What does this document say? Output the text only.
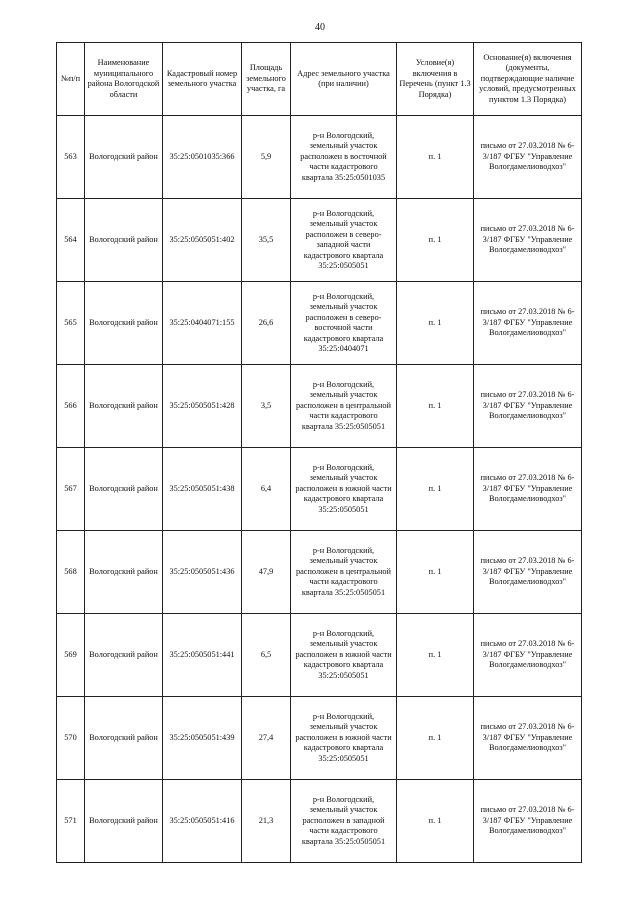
40
№п/п	Наименование муниципального района Вологодской области	Кадастровый номер земельного участка	Площадь земельного участка, га	Адрес земельного участка (при наличии)	Условие(я) включения в Перечень (пункт 1.3 Порядка)	Основание(я) включения (документы, подтверждающие наличие условий, предусмотренных пунктом 1.3 Порядка)
563	Вологодский район	35:25:0501035:366	5,9	р-н Вологодский, земельный участок расположен в восточной части кадастрового квартала 35:25:0501035	п. 1	письмо от 27.03.2018 № 6-3/187 ФГБУ "Управление Вологдамелиоводхоз"
564	Вологодский район	35:25:0505051:402	35,5	р-н Вологодский, земельный участок расположен в северо-западной части кадастрового квартала 35:25:0505051	п. 1	письмо от 27.03.2018 № 6-3/187 ФГБУ "Управление Вологдамелиоводхоз"
565	Вологодский район	35:25:0404071:155	26,6	р-н Вологодский, земельный участок расположен в северо-восточной части кадастрового квартала 35:25:0404071	п. 1	письмо от 27.03.2018 № 6-3/187 ФГБУ "Управление Вологдамелиоводхоз"
566	Вологодский район	35:25:0505051:428	3,5	р-н Вологодский, земельный участок расположен в центральной части кадастрового квартала 35:25:0505051	п. 1	письмо от 27.03.2018 № 6-3/187 ФГБУ "Управление Вологдамелиоводхоз"
567	Вологодский район	35:25:0505051:438	6,4	р-н Вологодский, земельный участок расположен в южной части кадастрового квартала 35:25:0505051	п. 1	письмо от 27.03.2018 № 6-3/187 ФГБУ "Управление Вологдамелиоводхоз"
568	Вологодский район	35:25:0505051:436	47,9	р-н Вологодский, земельный участок расположен в центральной части кадастрового квартала 35:25:0505051	п. 1	письмо от 27.03.2018 № 6-3/187 ФГБУ "Управление Вологдамелиоводхоз"
569	Вологодский район	35:25:0505051:441	6,5	р-н Вологодский, земельный участок расположен в южной части кадастрового квартала 35:25:0505051	п. 1	письмо от 27.03.2018 № 6-3/187 ФГБУ "Управление Вологдамелиоводхоз"
570	Вологодский район	35:25:0505051:439	27,4	р-н Вологодский, земельный участок расположен в южной части кадастрового квартала 35:25:0505051	п. 1	письмо от 27.03.2018 № 6-3/187 ФГБУ "Управление Вологдамелиоводхоз"
571	Вологодский район	35:25:0505051:416	21,3	р-н Вологодский, земельный участок расположен в западной части кадастрового квартала 35:25:0505051	п. 1	письмо от 27.03.2018 № 6-3/187 ФГБУ "Управление Вологдамелиоводхоз"
